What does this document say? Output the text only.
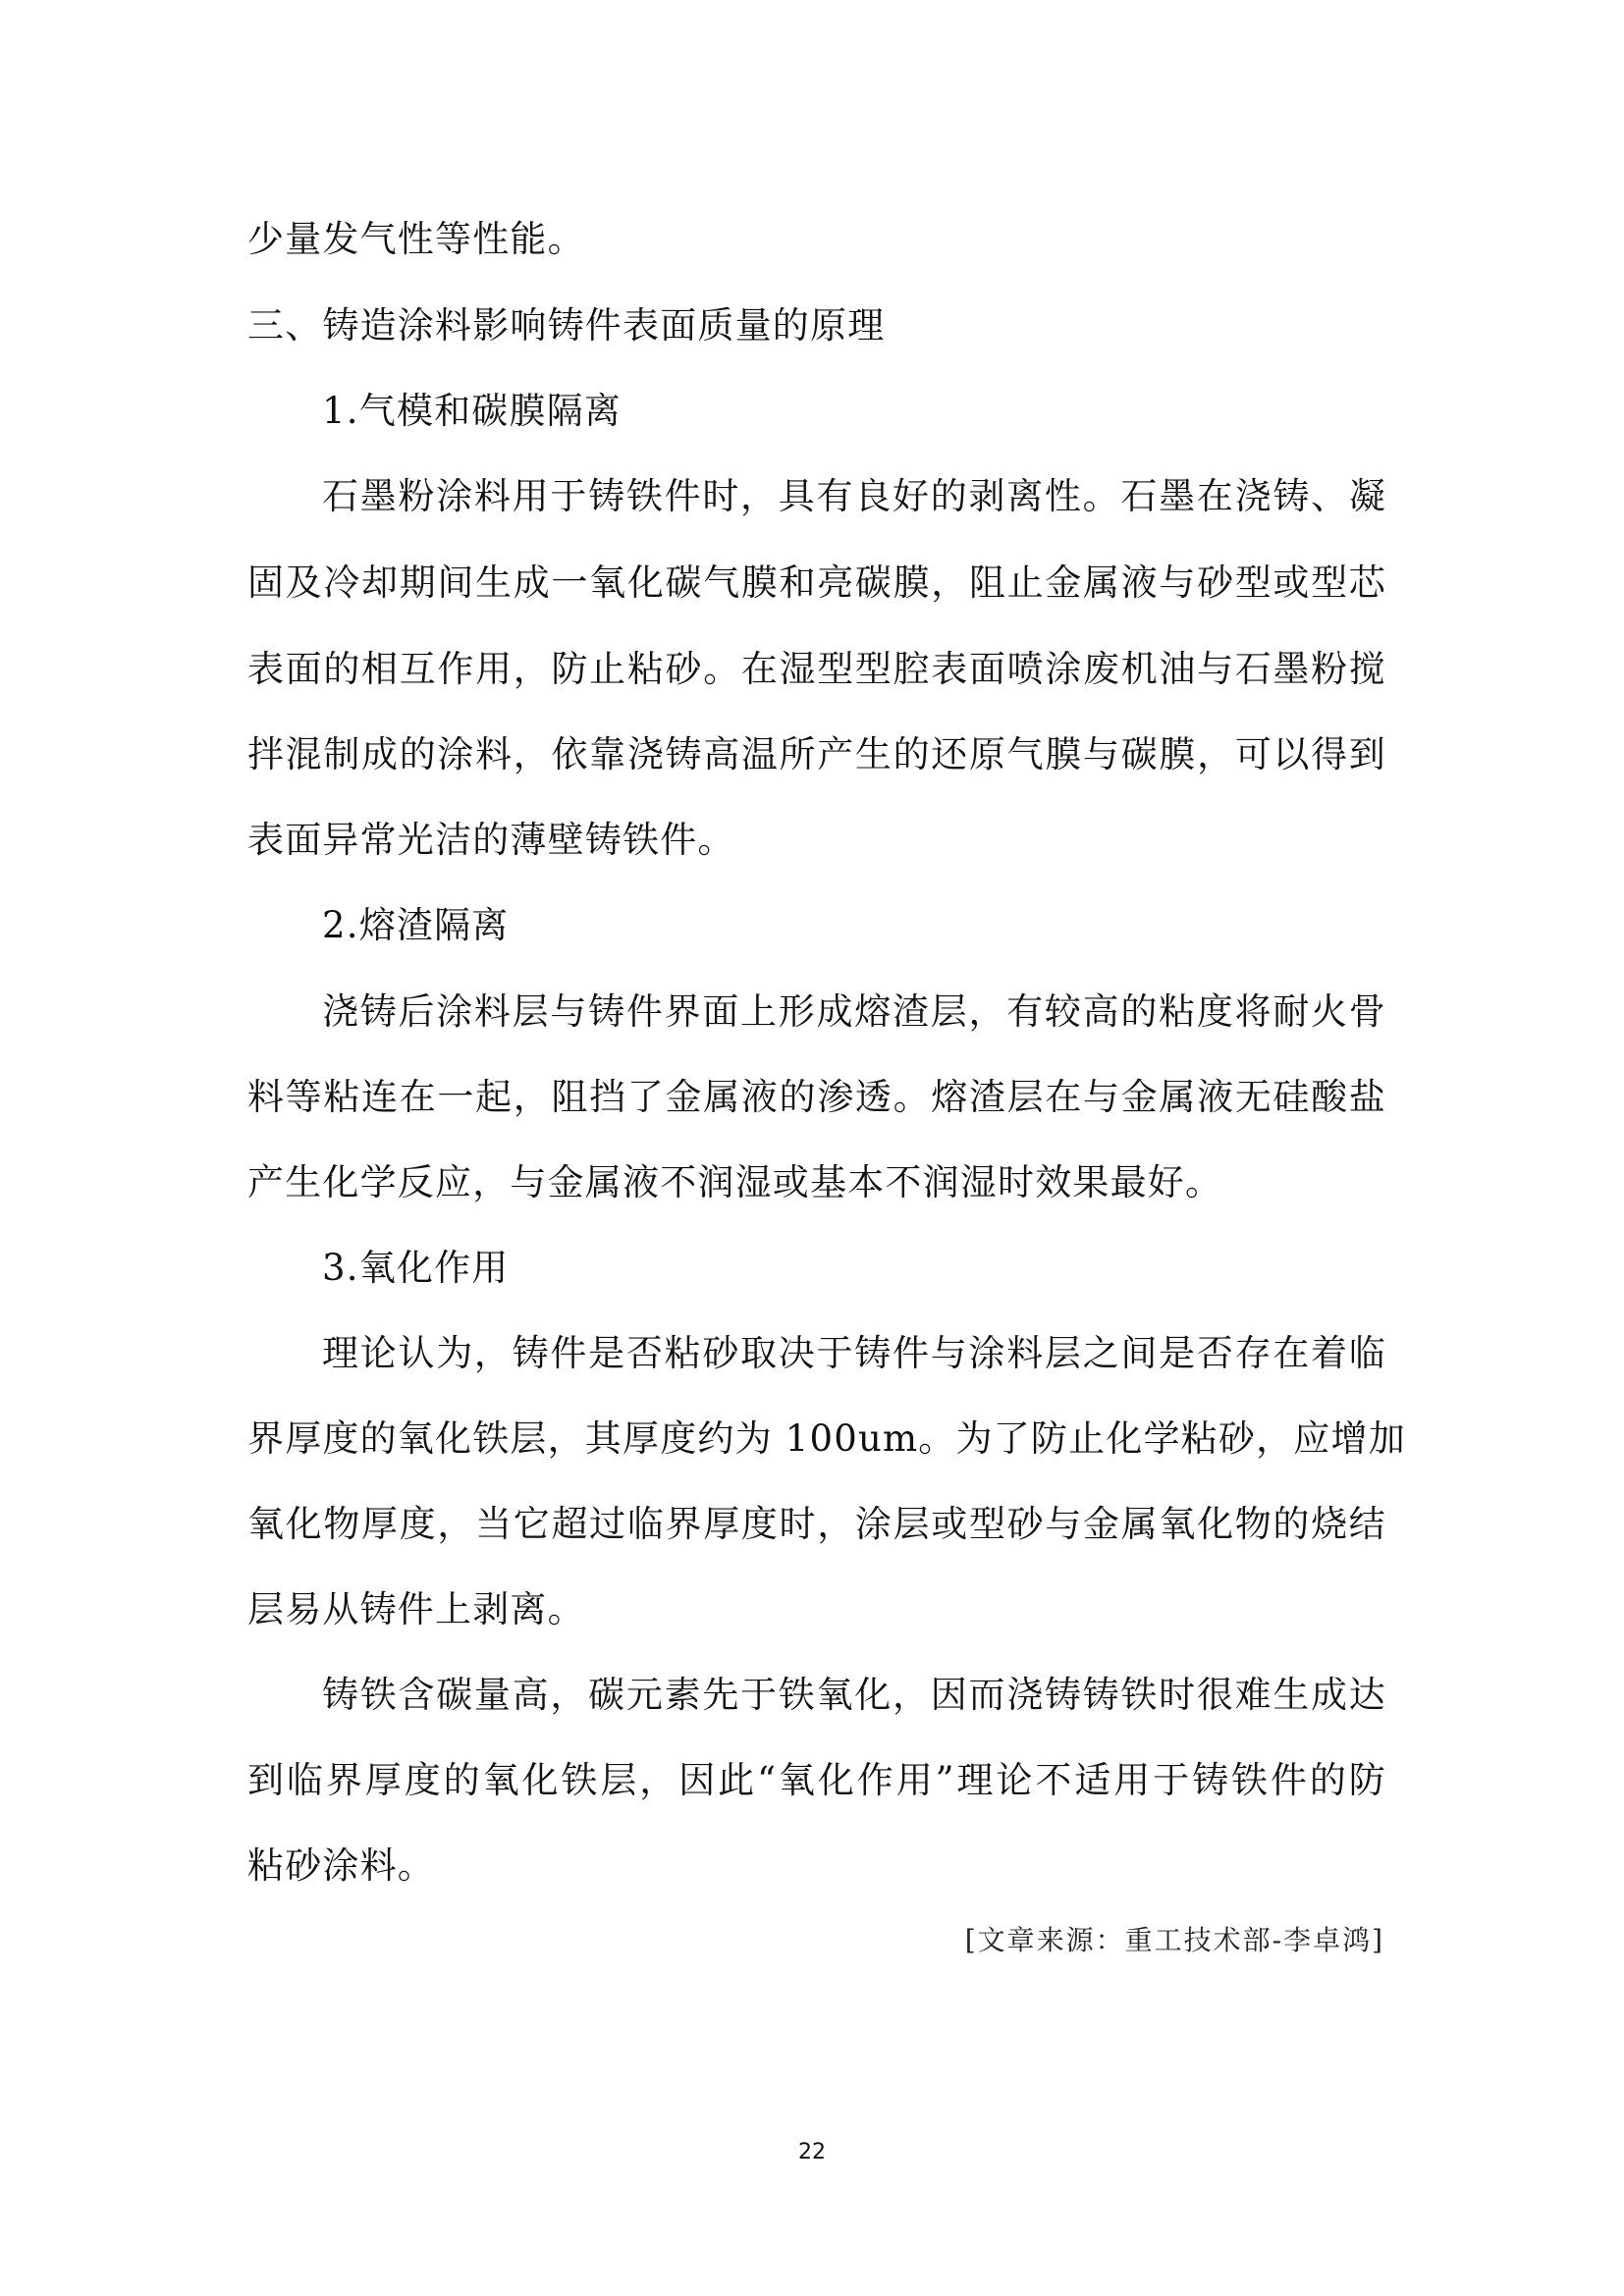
少量发气性等性能。
三、铸造涂料影响铸件表面质量的原理
1.气模和碳膜隔离
石墨粉涂料用于铸铁件时，具有良好的剥离性。石墨在浇铸、凝
固及冷却期间生成一氧化碳气膜和亮碳膜，阻止金属液与砂型或型芯
表面的相互作用，防止粘砂。在湿型型腔表面喷涂废机油与石墨粉搅
拌混制成的涂料，依靠浇铸高温所产生的还原气膜与碳膜，可以得到
表面异常光洁的薄壁铸铁件。
2.熔渣隔离
浇铸后涂料层与铸件界面上形成熔渣层，有较高的粘度将耐火骨
料等粘连在一起，阻挡了金属液的渗透。熔渣层在与金属液无硅酸盐
产生化学反应，与金属液不润湿或基本不润湿时效果最好。
3.氧化作用
理论认为，铸件是否粘砂取决于铸件与涂料层之间是否存在着临
界厚度的氧化铁层，其厚度约为 100um。为了防止化学粘砂，应增加
氧化物厚度，当它超过临界厚度时，涂层或型砂与金属氧化物的烧结
层易从铸件上剥离。
铸铁含碳量高，碳元素先于铁氧化，因而浇铸铸铁时很难生成达
到临界厚度的氧化铁层，因此“氧化作用”理论不适用于铸铁件的防
粘砂涂料。
[文章来源：重工技术部-李卓鸿]
22
